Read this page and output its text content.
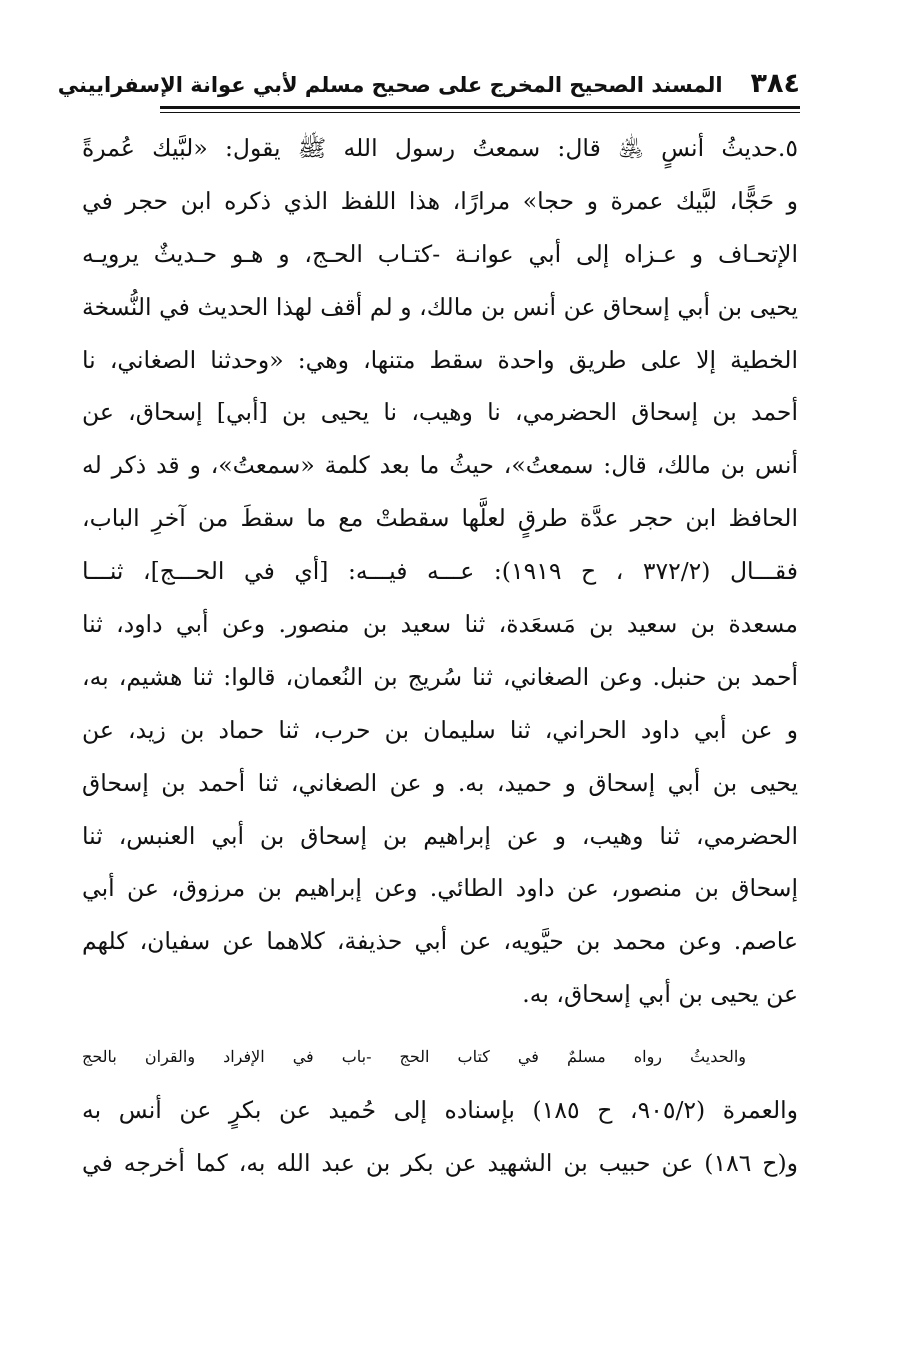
٣٨٤
المسند الصحيح المخرج على صحيح مسلم لأبي عوانة الإسفراييني
٥.حديثُ أنسٍ ﵁ قال: سمعتُ رسول الله ﷺ يقول: «لبَّيك عُمرةً
و حَجًّا، لبَّيك عمرة و حجا» مرارًا، هذا اللفظ الذي ذكره ابن حجر في
الإتحـاف و عـزاه إلى أبي عوانـة -كتـاب الحـج، و هـو حـديثٌ يرويـه
يحيى بن أبي إسحاق عن أنس بن مالك، و لم أقف لهذا الحديث في النُّسخة
الخطية إلا على طريق واحدة سقط متنها، وهي: «وحدثنا الصغاني، نا
أحمد بن إسحاق الحضرمي، نا وهيب، نا يحيى بن [أبي] إسحاق، عن
أنس بن مالك، قال: سمعتُ»، حيثُ ما بعد كلمة «سمعتُ»، و قد ذكر له
الحافظ ابن حجر عدَّة طرقٍ لعلَّها سقطتْ مع ما سقطَ من آخرِ الباب،
فقـــال (٣٧٢/٢ ، ح ١٩١٩): عـــه فيـــه: [أي في الحـــج]، ثنـــا
مسعدة بن سعيد بن مَسعَدة، ثنا سعيد بن منصور. وعن أبي داود، ثنا
أحمد بن حنبل. وعن الصغاني، ثنا سُريج بن النُعمان، قالوا: ثنا هشيم، به،
و عن أبي داود الحراني، ثنا سليمان بن حرب، ثنا حماد بن زيد، عن
يحيى بن أبي إسحاق و حميد، به. و عن الصغاني، ثنا أحمد بن إسحاق
الحضرمي، ثنا وهيب، و عن إبراهيم بن إسحاق بن أبي العنبس، ثنا
إسحاق بن منصور، عن داود الطائي. وعن إبراهيم بن مرزوق، عن أبي
عاصم. وعن محمد بن حيَّويه، عن أبي حذيفة، كلاهما عن سفيان، كلهم
عن يحيى بن أبي إسحاق، به.
والحديثُ رواه مسلمٌ في كتاب الحج -باب في الإفراد والقران بالحج
والعمرة (٩٠٥/٢، ح ١٨٥) بإسناده إلى حُميد عن بكرٍ عن أنس به
و(ح ١٨٦) عن حبيب بن الشهيد عن بكر بن عبد الله به، كما أخرجه في
